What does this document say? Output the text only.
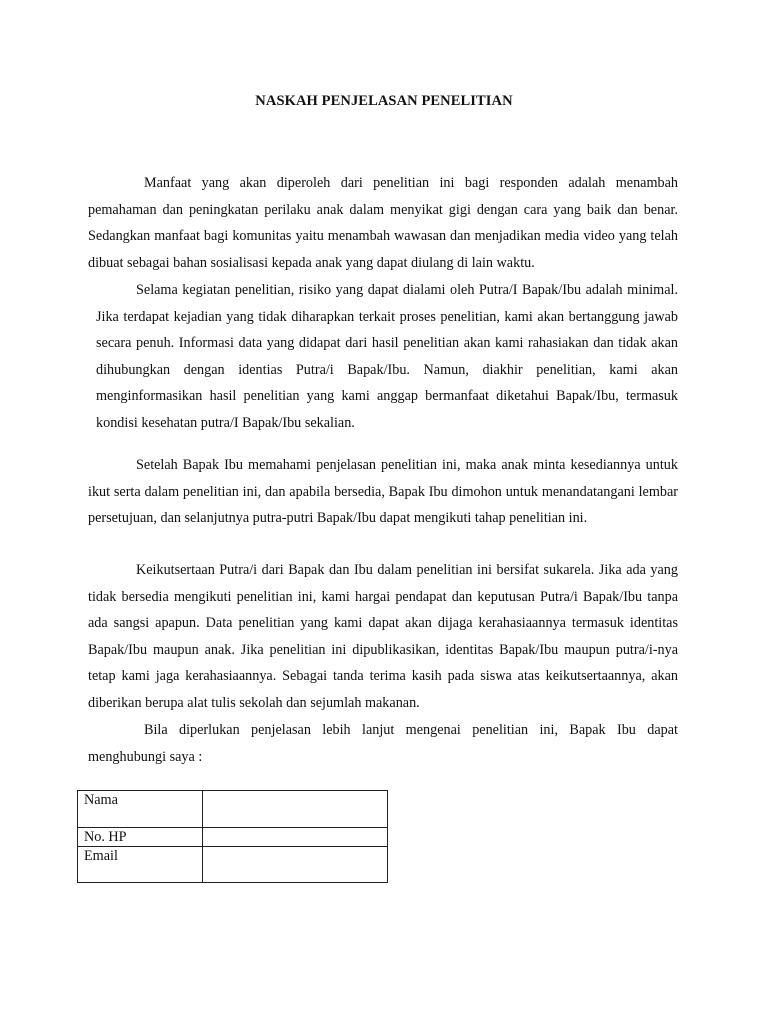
NASKAH PENJELASAN PENELITIAN

Manfaat yang akan diperoleh dari penelitian ini bagi responden adalah menambah pemahaman dan peningkatan perilaku anak dalam menyikat gigi dengan cara yang baik dan benar. Sedangkan manfaat bagi komunitas yaitu menambah wawasan dan menjadikan media video yang telah dibuat sebagai bahan sosialisasi kepada anak yang dapat diulang di lain waktu.

Selama kegiatan penelitian, risiko yang dapat dialami oleh Putra/I Bapak/Ibu adalah minimal. Jika terdapat kejadian yang tidak diharapkan terkait proses penelitian, kami akan bertanggung jawab secara penuh. Informasi data yang didapat dari hasil penelitian akan kami rahasiakan dan tidak akan dihubungkan dengan identias Putra/i Bapak/Ibu. Namun, diakhir penelitian, kami akan menginformasikan hasil penelitian yang kami anggap bermanfaat diketahui Bapak/Ibu, termasuk kondisi kesehatan putra/I Bapak/Ibu sekalian.

Setelah Bapak Ibu memahami penjelasan penelitian ini, maka anak minta kesediannya untuk ikut serta dalam penelitian ini, dan apabila bersedia, Bapak Ibu dimohon untuk menandatangani lembar persetujuan, dan selanjutnya putra-putri Bapak/Ibu dapat mengikuti tahap penelitian ini.

Keikutsertaan Putra/i dari Bapak dan Ibu dalam penelitian ini bersifat sukarela. Jika ada yang tidak bersedia mengikuti penelitian ini, kami hargai pendapat dan keputusan Putra/i Bapak/Ibu tanpa ada sangsi apapun. Data penelitian yang kami dapat akan dijaga kerahasiaannya termasuk identitas Bapak/Ibu maupun anak. Jika penelitian ini dipublikasikan, identitas Bapak/Ibu maupun putra/i-nya tetap kami jaga kerahasiaannya. Sebagai tanda terima kasih pada siswa atas keikutsertaannya, akan diberikan berupa alat tulis sekolah dan sejumlah makanan.

Bila diperlukan penjelasan lebih lanjut mengenai penelitian ini, Bapak Ibu dapat menghubungi saya :

Nama	
No. HP	
Email	
